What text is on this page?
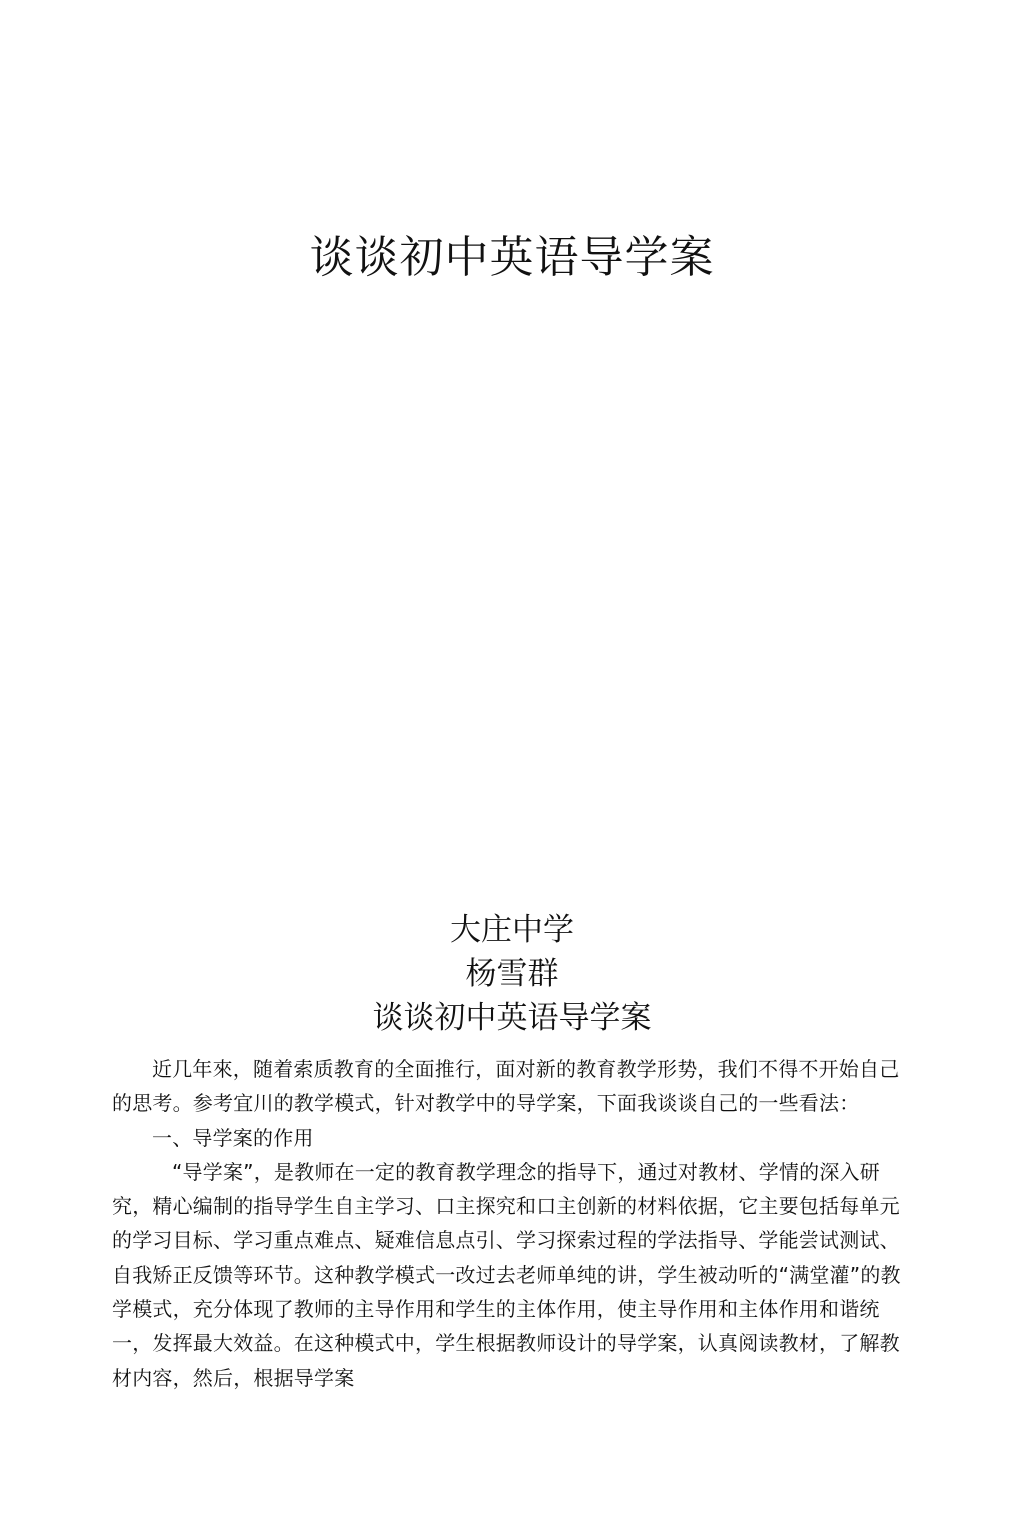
谈谈初中英语导学案
大庄中学
杨雪群
谈谈初中英语导学案

近几年來，随着索质教育的全面推行，面对新的教育教学形势，我们不得不开始自己的思考。参考宜川的教学模式，针对教学中的导学案，下面我谈谈自己的一些看法：

一、导学案的作用

“导学案”，是教师在一定的教育教学理念的指导下，通过对教材、学情的深入研究，精心编制的指导学生自主学习、口主探究和口主创新的材料依据，它主要包括每单元的学习目标、学习重点难点、疑难信息点引、学习探索过程的学法指导、学能尝试测试、自我矫正反馈等环节。这种教学模式一改过去老师单纯的讲，学生被动听的“满堂灌”的教学模式，充分体现了教师的主导作用和学生的主体作用，使主导作用和主体作用和谐统一，发挥最大效益。在这种模式中，学生根据教师设计的导学案，认真阅读教材，了解教材内容，然后，根据导学案
